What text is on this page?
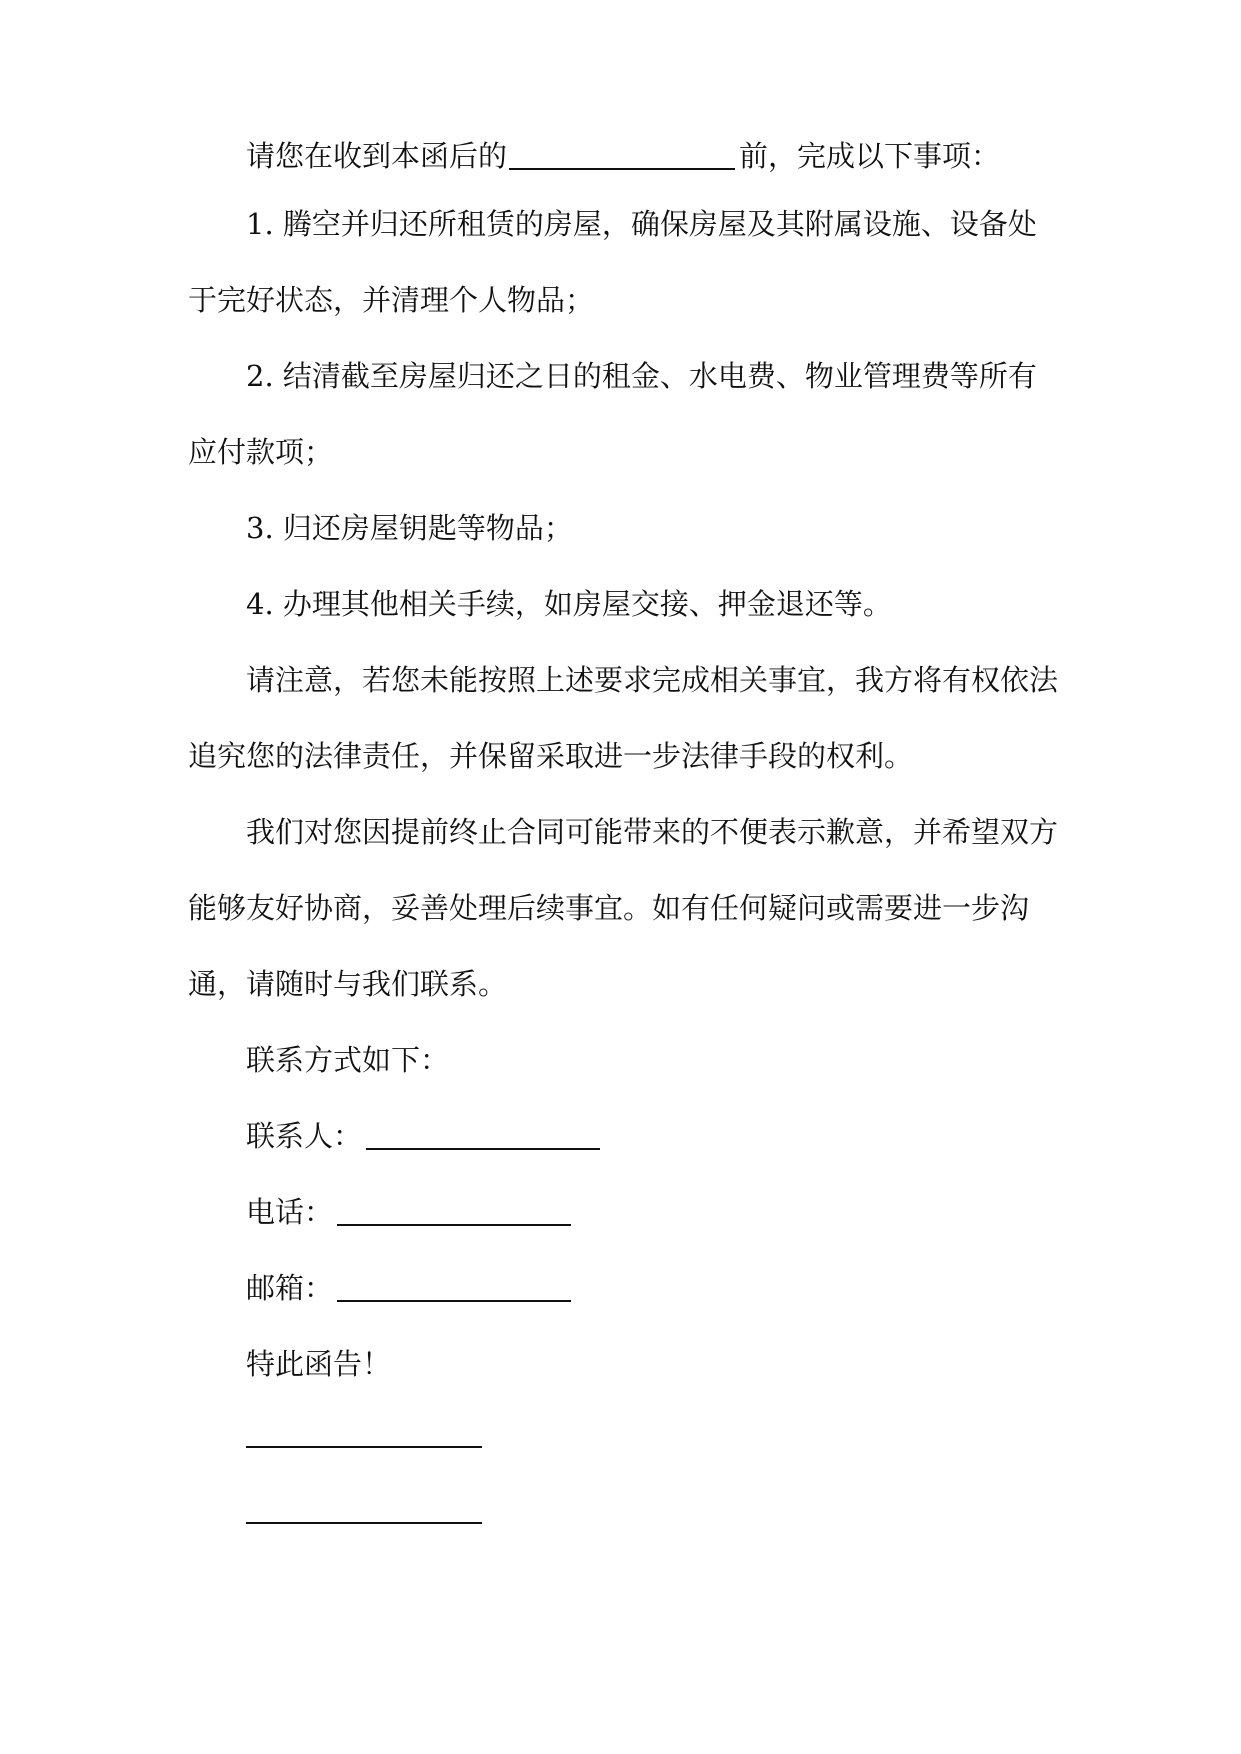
请您在收到本函后的	前，完成以下事项：

1. 腾空并归还所租赁的房屋，确保房屋及其附属设施、设备处于完好状态，并清理个人物品；

2. 结清截至房屋归还之日的租金、水电费、物业管理费等所有应付款项；

3. 归还房屋钥匙等物品；

4. 办理其他相关手续，如房屋交接、押金退还等。

请注意，若您未能按照上述要求完成相关事宜，我方将有权依法追究您的法律责任，并保留采取进一步法律手段的权利。

我们对您因提前终止合同可能带来的不便表示歉意，并希望双方能够友好协商，妥善处理后续事宜。如有任何疑问或需要进一步沟通，请随时与我们联系。

联系方式如下：

联系人：

电话：

邮箱：

特此函告！
